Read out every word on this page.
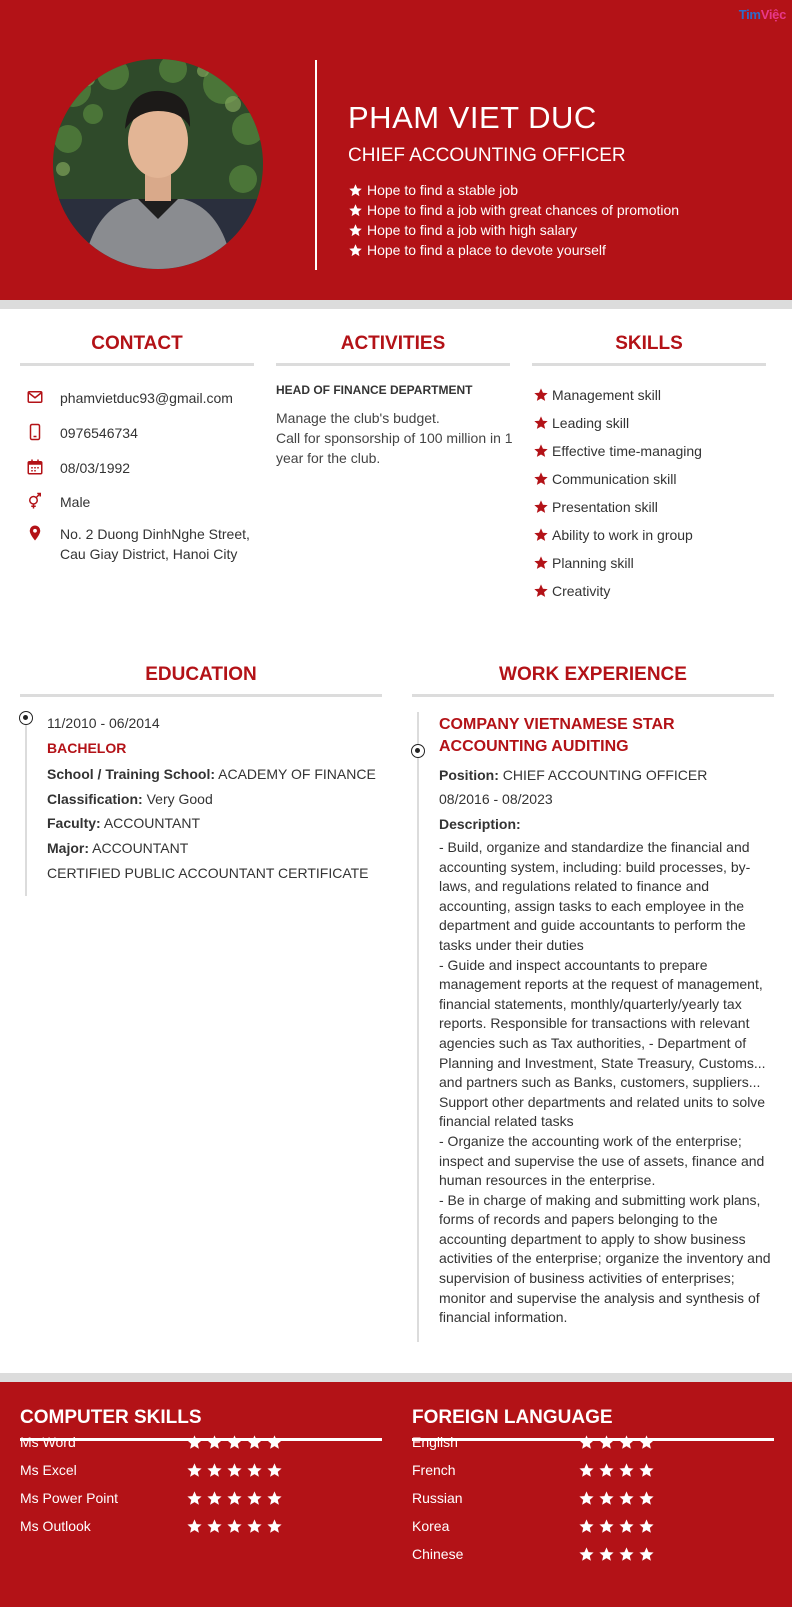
TimViệc
PHAM VIET DUC
CHIEF ACCOUNTING OFFICER
Hope to find a stable job
Hope to find a job with great chances of promotion
Hope to find a job with high salary
Hope to find a place to devote yourself
CONTACT
phamvietduc93@gmail.com
0976546734
08/03/1992
Male
No. 2 Duong DinhNghe Street,
Cau Giay District, Hanoi City
ACTIVITIES
HEAD OF FINANCE DEPARTMENT
Manage the club's budget.
Call for sponsorship of 100 million in 1 year for the club.
SKILLS
Management skill
Leading skill
Effective time-managing
Communication skill
Presentation skill
Ability to work in group
Planning skill
Creativity
EDUCATION
11/2010 - 06/2014
BACHELOR
School / Training School: ACADEMY OF FINANCE
Classification: Very Good
Faculty: ACCOUNTANT
Major: ACCOUNTANT
CERTIFIED PUBLIC ACCOUNTANT CERTIFICATE
WORK EXPERIENCE
COMPANY VIETNAMESE STAR ACCOUNTING AUDITING
Position: CHIEF ACCOUNTING OFFICER
08/2016 - 08/2023
Description:

- Build, organize and standardize the financial and accounting system, including: build processes, by-laws, and regulations related to finance and accounting, assign tasks to each employee in the department and guide accountants to perform the tasks under their duties

- Guide and inspect accountants to prepare management reports at the request of management, financial statements, monthly/quarterly/yearly tax reports. Responsible for transactions with relevant agencies such as Tax authorities, - Department of Planning and Investment, State Treasury, Customs... and partners such as Banks, customers, suppliers... Support other departments and related units to solve financial related tasks

- Organize the accounting work of the enterprise; inspect and supervise the use of assets, finance and human resources in the enterprise.

- Be in charge of making and submitting work plans, forms of records and papers belonging to the accounting department to apply to show business activities of the enterprise; organize the inventory and supervision of business activities of enterprises; monitor and supervise the analysis and synthesis of financial information.

COMPUTER SKILLS
Ms Word
Ms Excel
Ms Power Point
Ms Outlook
FOREIGN LANGUAGE
English
French
Russian
Korea
Chinese
